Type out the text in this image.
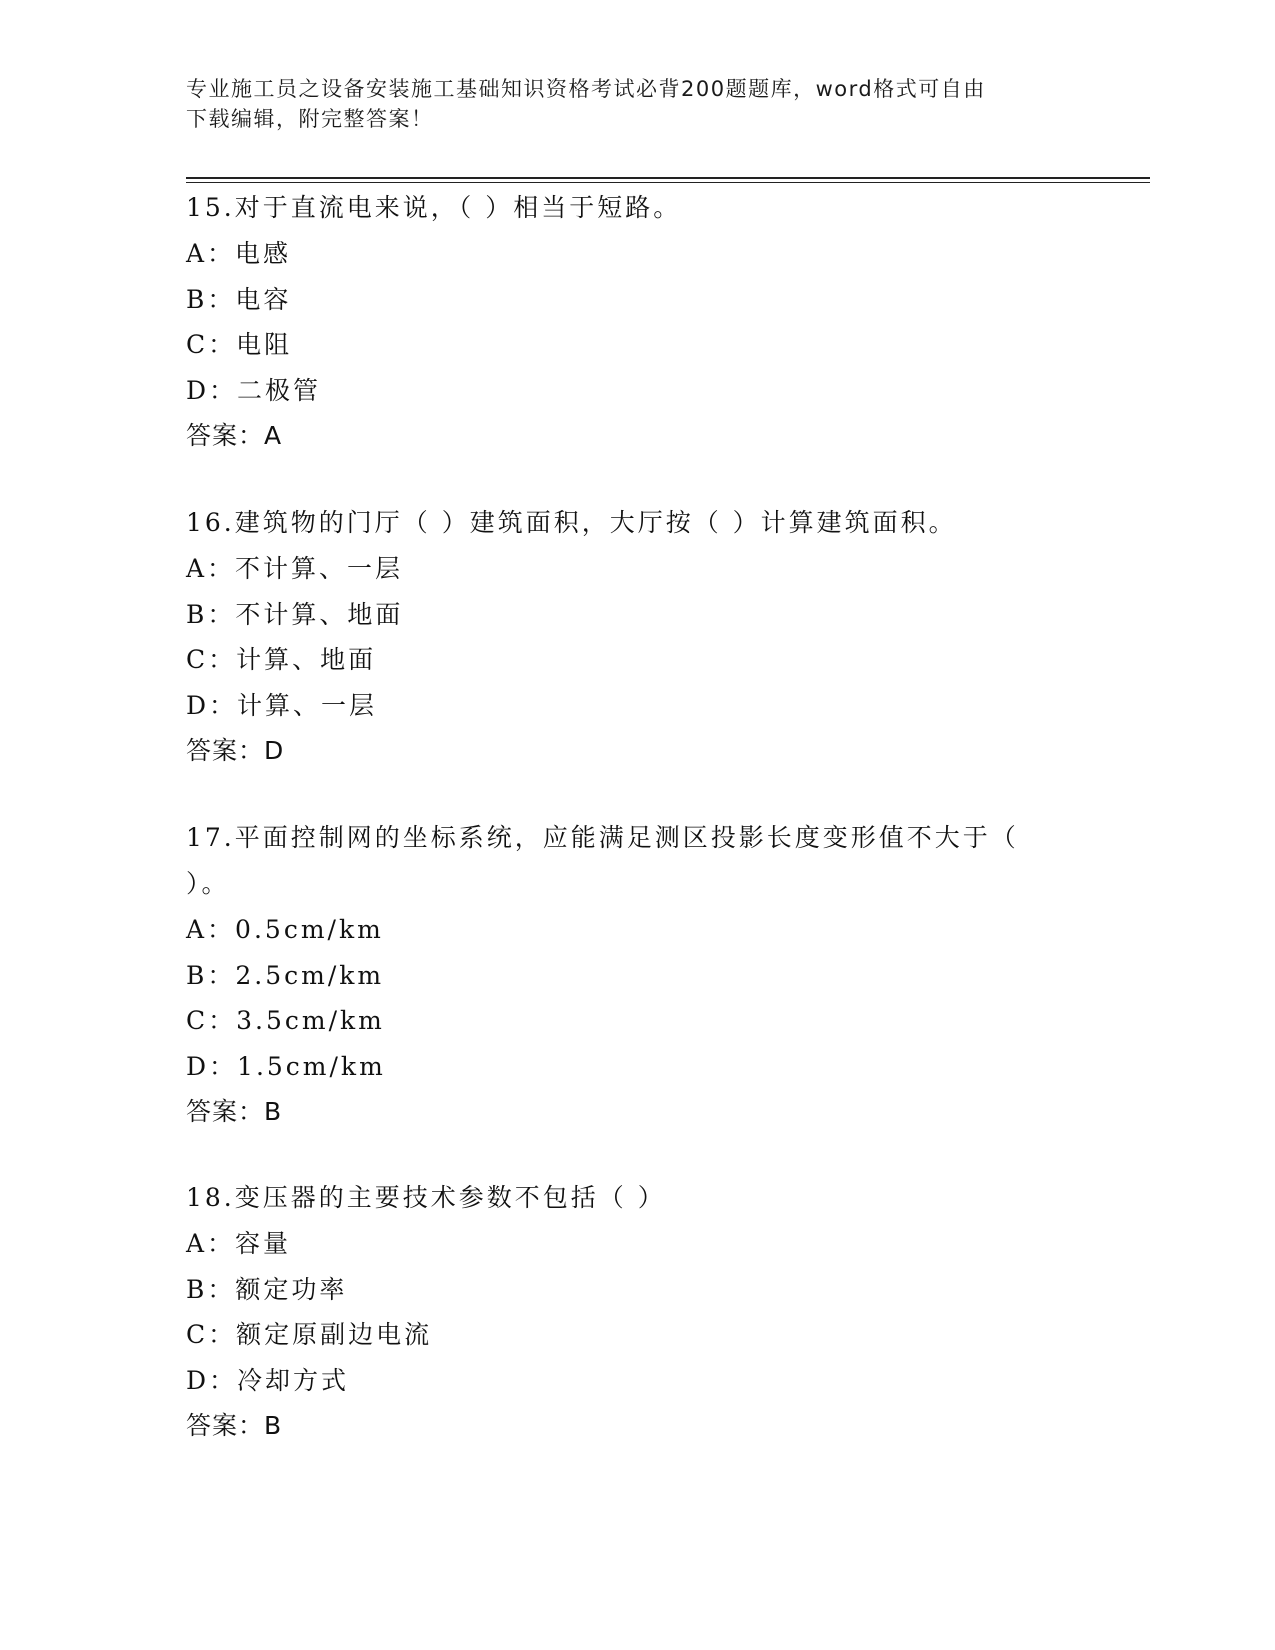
专业施工员之设备安装施工基础知识资格考试必背200题题库，word格式可自由
下载编辑，附完整答案！

15.对于直流电来说，（ ）相当于短路。

A：电感

B：电容

C：电阻

D：二极管

答案：A

16.建筑物的门厅（ ）建筑面积，大厅按（ ）计算建筑面积。

A：不计算、一层

B：不计算、地面

C：计算、地面

D：计算、一层

答案：D

17.平面控制网的坐标系统，应能满足测区投影长度变形值不大于（

）。

A：0.5cm/km

B：2.5cm/km

C：3.5cm/km

D：1.5cm/km

答案：B

18.变压器的主要技术参数不包括（ ）

A：容量

B：额定功率

C：额定原副边电流

D：冷却方式

答案：B
